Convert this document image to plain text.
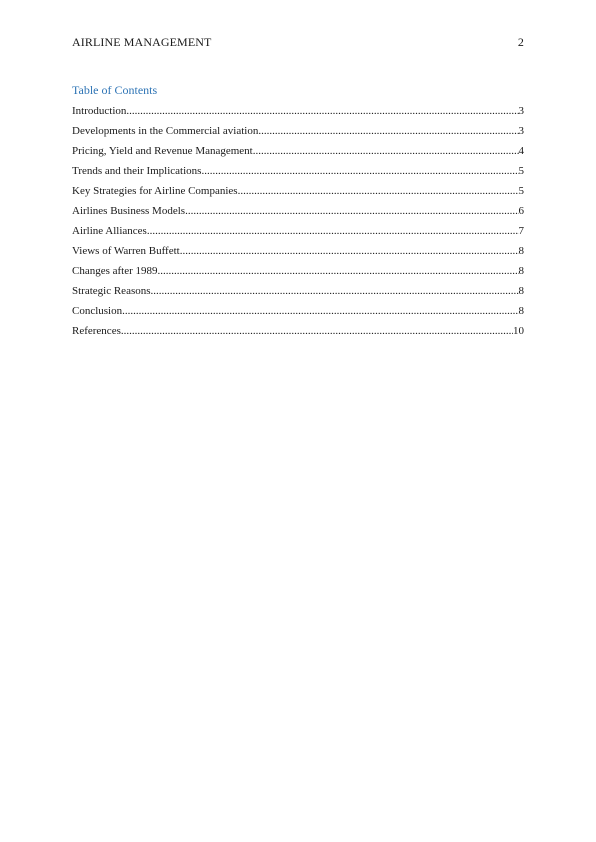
AIRLINE MANAGEMENT	2
Table of Contents
Introduction .....	3
Developments in the Commercial aviation .....	3
Pricing, Yield and Revenue Management .....	4
Trends and their Implications .....	5
Key Strategies for Airline Companies .....	5
Airlines Business Models .....	6
Airline Alliances .....	7
Views of Warren Buffett .....	8
Changes after 1989 .....	8
Strategic Reasons .....	8
Conclusion .....	8
References .....	10
